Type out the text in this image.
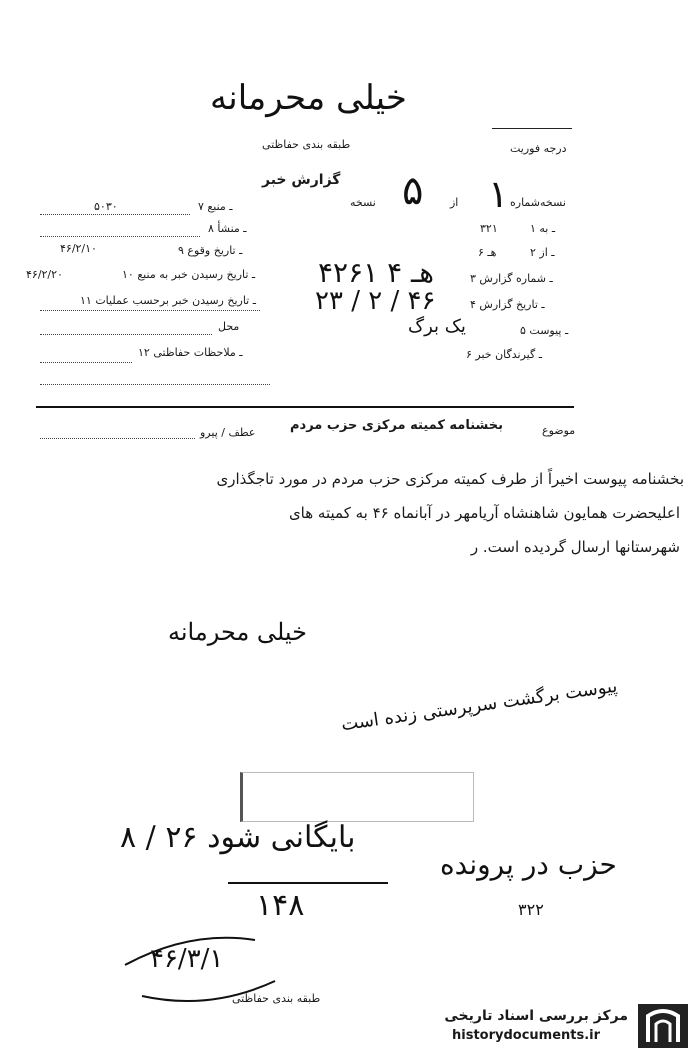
خیلی محرمانه
طبقه بندی حفاظتی	درجه فوریت
گزارش خبر
نسخه‌شماره
۱
از
۵
نسخه
۱ ـ به
۳۲۱
۲ ـ از
هـ ۶
۳ ـ شماره گزارش
۴۲۶۱ هـ ۴
۴ ـ تاریخ گزارش
۲۳ / ۲ / ۴۶
۵ ـ پیوست
یک برگ
۶ ـ گیرندگان خبر
۷ ـ منبع
۵۰۳۰
۸ ـ منشأ
۹ ـ تاریخ وقوع
۴۶/۲/۱۰
۱۰ ـ تاریخ رسیدن خبر به منبع
۴۶/۲/۲۰
۱۱ ـ تاریخ رسیدن خبر برحسب عملیات
محل
۱۲ ـ ملاحظات حفاظتی
موضوع
بخشنامه کمیته مرکزی حزب مردم
عطف / پیرو
بخشنامه پیوست اخیراً از طرف کمیته مرکزی حزب مردم در مورد تاجگذاری
اعلیحضرت همایون شاهنشاه آریامهر در آبانماه ۴۶ به کمیته های
شهرستانها ارسال گردیده است. ر
خیلی محرمانه
پیوست برگشت سرپرستی زنده است
بایگانی شود ۲۶ / ۸
حزب در پرونده
۱۴۸	۳۲۲
۴۶/۳/۱
طبقه بندی حفاظتی
مرکز بررسی اسناد تاریخی
historydocuments.ir
